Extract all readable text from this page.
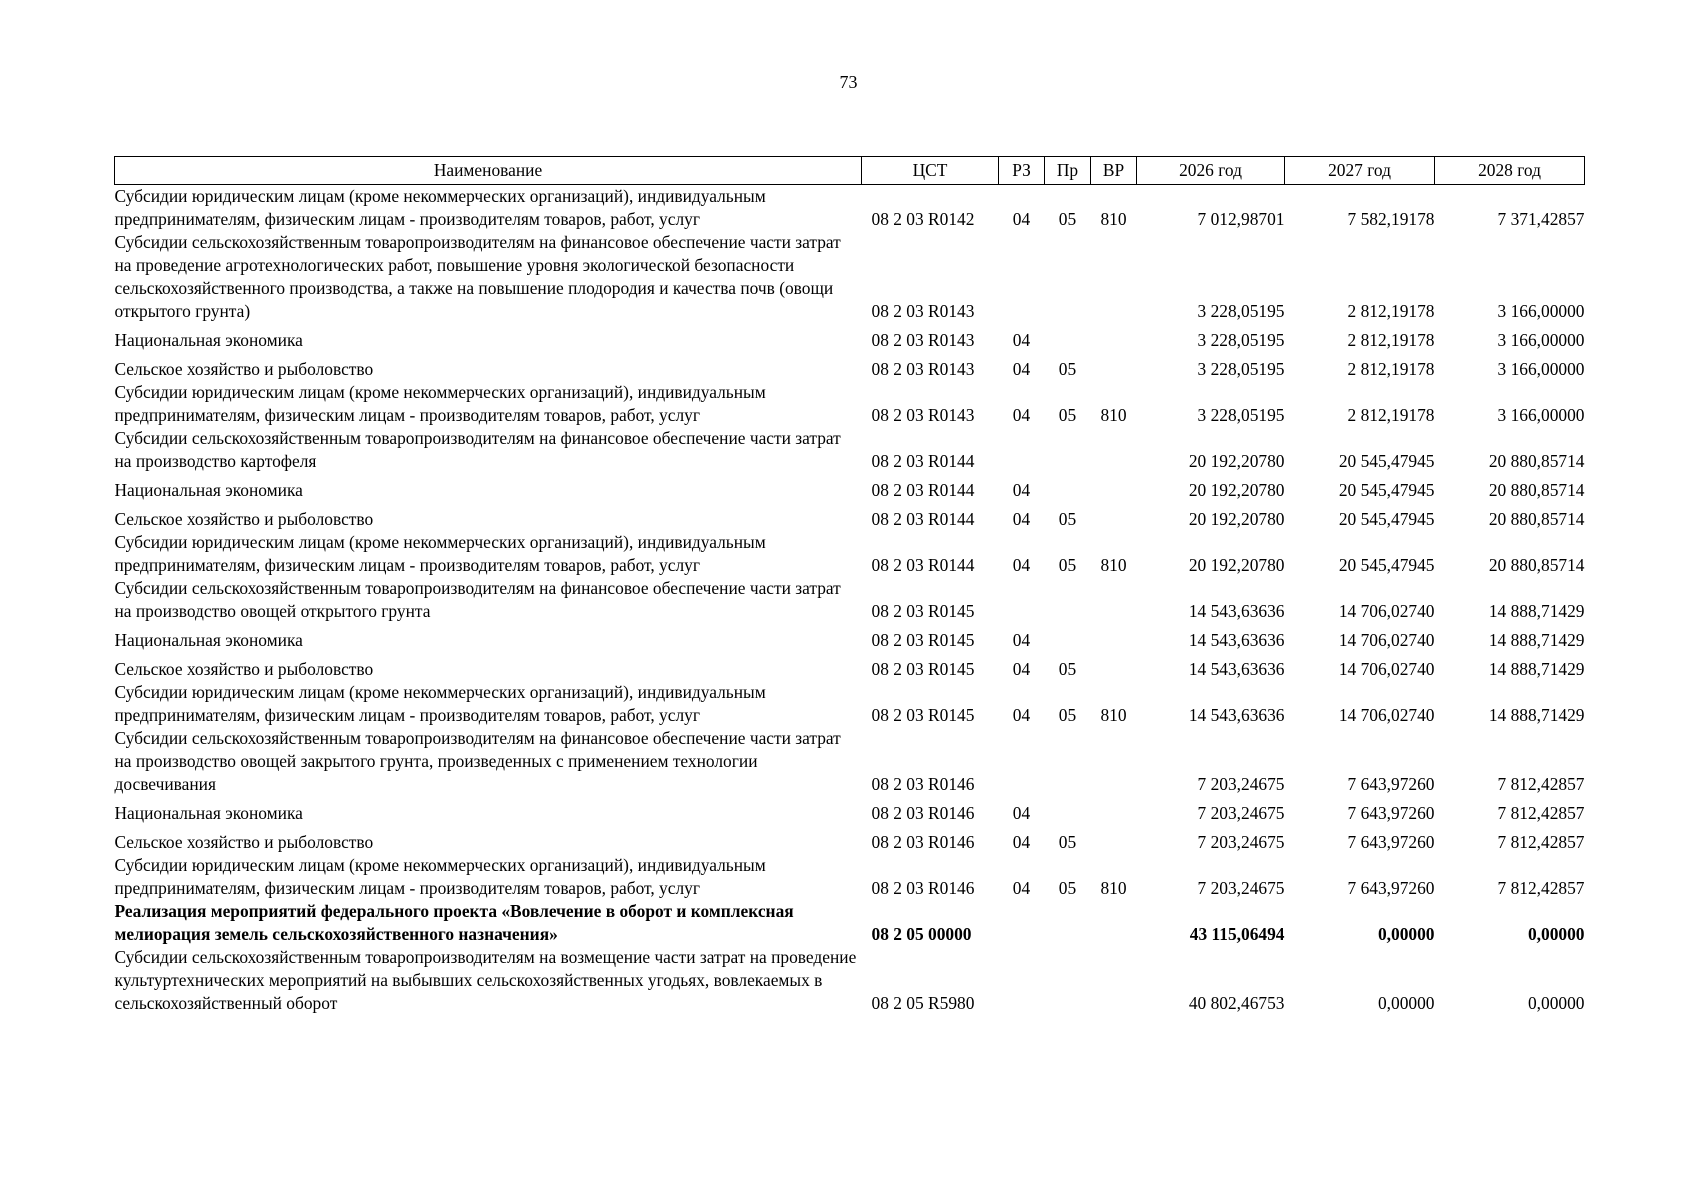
73
Наименование	ЦСТ	РЗ	Пр	ВР	2026 год	2027 год	2028 год
Субсидии юридическим лицам (кроме некоммерческих организаций), индивидуальным предпринимателям, физическим лицам - производителям товаров, работ, услуг	08 2 03 R0142	04	05	810	7 012,98701	7 582,19178	7 371,42857
Субсидии сельскохозяйственным товаропроизводителям на финансовое обеспечение части затрат на проведение агротехнологических работ, повышение уровня экологической безопасности сельскохозяйственного производства, а также на повышение плодородия и качества почв (овощи открытого грунта)	08 2 03 R0143				3 228,05195	2 812,19178	3 166,00000
Национальная экономика	08 2 03 R0143	04			3 228,05195	2 812,19178	3 166,00000
Сельское хозяйство и рыболовство	08 2 03 R0143	04	05		3 228,05195	2 812,19178	3 166,00000
Субсидии юридическим лицам (кроме некоммерческих организаций), индивидуальным предпринимателям, физическим лицам - производителям товаров, работ, услуг	08 2 03 R0143	04	05	810	3 228,05195	2 812,19178	3 166,00000
Субсидии сельскохозяйственным товаропроизводителям на финансовое обеспечение части затрат на производство картофеля	08 2 03 R0144				20 192,20780	20 545,47945	20 880,85714
Национальная экономика	08 2 03 R0144	04			20 192,20780	20 545,47945	20 880,85714
Сельское хозяйство и рыболовство	08 2 03 R0144	04	05		20 192,20780	20 545,47945	20 880,85714
Субсидии юридическим лицам (кроме некоммерческих организаций), индивидуальным предпринимателям, физическим лицам - производителям товаров, работ, услуг	08 2 03 R0144	04	05	810	20 192,20780	20 545,47945	20 880,85714
Субсидии сельскохозяйственным товаропроизводителям на финансовое обеспечение части затрат на производство овощей открытого грунта	08 2 03 R0145				14 543,63636	14 706,02740	14 888,71429
Национальная экономика	08 2 03 R0145	04			14 543,63636	14 706,02740	14 888,71429
Сельское хозяйство и рыболовство	08 2 03 R0145	04	05		14 543,63636	14 706,02740	14 888,71429
Субсидии юридическим лицам (кроме некоммерческих организаций), индивидуальным предпринимателям, физическим лицам - производителям товаров, работ, услуг	08 2 03 R0145	04	05	810	14 543,63636	14 706,02740	14 888,71429
Субсидии сельскохозяйственным товаропроизводителям на финансовое обеспечение части затрат на производство овощей закрытого грунта, произведенных с применением технологии досвечивания	08 2 03 R0146				7 203,24675	7 643,97260	7 812,42857
Национальная экономика	08 2 03 R0146	04			7 203,24675	7 643,97260	7 812,42857
Сельское хозяйство и рыболовство	08 2 03 R0146	04	05		7 203,24675	7 643,97260	7 812,42857
Субсидии юридическим лицам (кроме некоммерческих организаций), индивидуальным предпринимателям, физическим лицам - производителям товаров, работ, услуг	08 2 03 R0146	04	05	810	7 203,24675	7 643,97260	7 812,42857
Реализация мероприятий федерального проекта «Вовлечение в оборот и комплексная мелиорация земель сельскохозяйственного назначения»	08 2 05 00000				43 115,06494	0,00000	0,00000
Субсидии сельскохозяйственным товаропроизводителям на возмещение части затрат на проведение культуртехнических мероприятий на выбывших сельскохозяйственных угодьях, вовлекаемых в сельскохозяйственный оборот	08 2 05 R5980				40 802,46753	0,00000	0,00000
